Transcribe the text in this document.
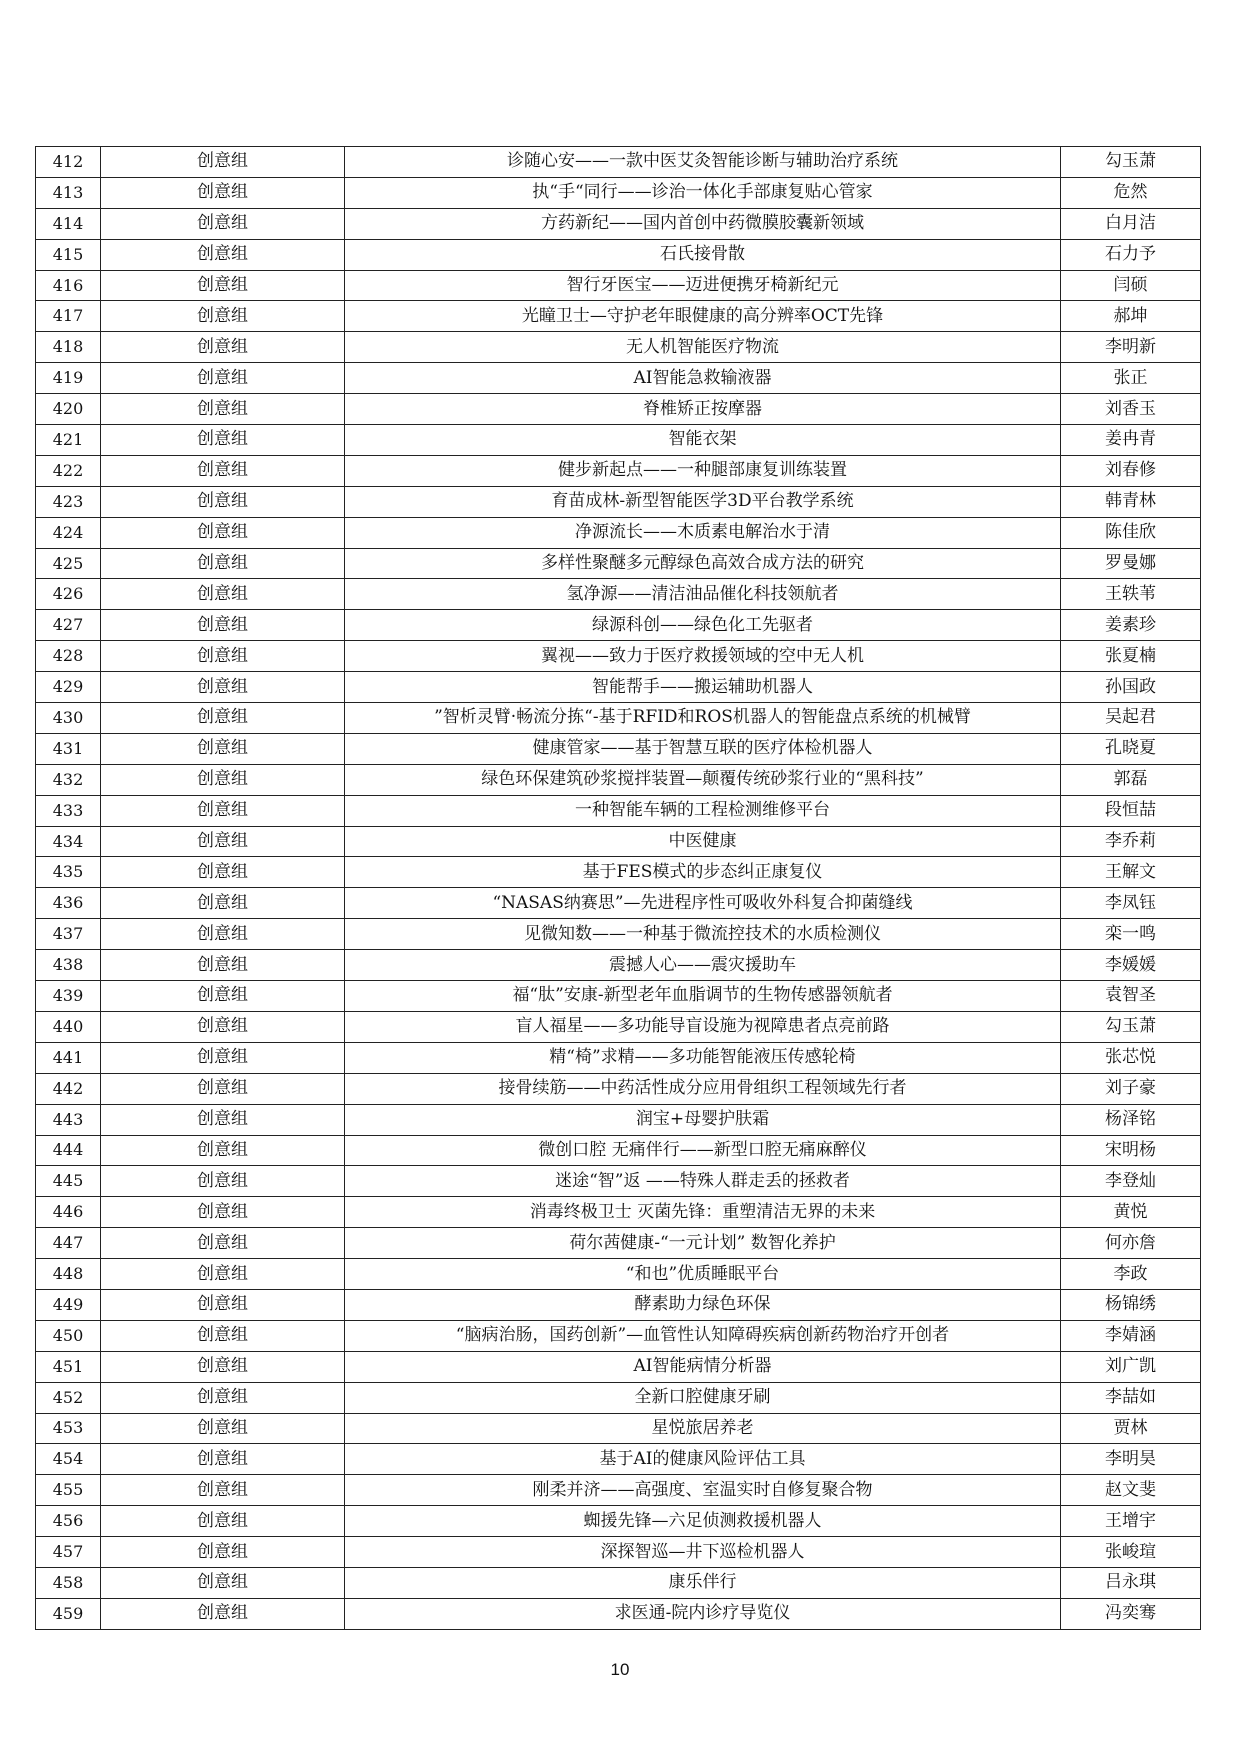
412	创意组	诊随心安——一款中医艾灸智能诊断与辅助治疗系统	勾玉萧
413	创意组	执“手“同行——诊治一体化手部康复贴心管家	危然
414	创意组	方药新纪——国内首创中药微膜胶囊新领域	白月洁
415	创意组	石氏接骨散	石力予
416	创意组	智行牙医宝——迈进便携牙椅新纪元	闫硕
417	创意组	光瞳卫士—守护老年眼健康的高分辨率OCT先锋	郝坤
418	创意组	无人机智能医疗物流	李明新
419	创意组	AI智能急救输液器	张正
420	创意组	脊椎矫正按摩器	刘香玉
421	创意组	智能衣架	姜冉青
422	创意组	健步新起点——一种腿部康复训练装置	刘春修
423	创意组	育苗成林-新型智能医学3D平台教学系统	韩青林
424	创意组	净源流长——木质素电解治水于清	陈佳欣
425	创意组	多样性聚醚多元醇绿色高效合成方法的研究	罗曼娜
426	创意组	氢净源——清洁油品催化科技领航者	王轶苇
427	创意组	绿源科创——绿色化工先驱者	姜素珍
428	创意组	翼视——致力于医疗救援领域的空中无人机	张夏楠
429	创意组	智能帮手——搬运辅助机器人	孙国政
430	创意组	”智析灵臂·畅流分拣“-基于RFID和ROS机器人的智能盘点系统的机械臂	吴起君
431	创意组	健康管家——基于智慧互联的医疗体检机器人	孔晓夏
432	创意组	绿色环保建筑砂浆搅拌装置—颠覆传统砂浆行业的“黑科技”	郭磊
433	创意组	一种智能车辆的工程检测维修平台	段恒喆
434	创意组	中医健康	李乔莉
435	创意组	基于FES模式的步态纠正康复仪	王解文
436	创意组	“NASAS纳赛思”—先进程序性可吸收外科复合抑菌缝线	李凤钰
437	创意组	见微知数——一种基于微流控技术的水质检测仪	栾一鸣
438	创意组	震撼人心——震灾援助车	李媛媛
439	创意组	福“肽”安康-新型老年血脂调节的生物传感器领航者	袁智圣
440	创意组	盲人福星——多功能导盲设施为视障患者点亮前路	勾玉萧
441	创意组	精“椅”求精——多功能智能液压传感轮椅	张芯悦
442	创意组	接骨续筋——中药活性成分应用骨组织工程领域先行者	刘子豪
443	创意组	润宝+母婴护肤霜	杨泽铭
444	创意组	微创口腔 无痛伴行——新型口腔无痛麻醉仪	宋明杨
445	创意组	迷途“智”返 ——特殊人群走丢的拯救者	李登灿
446	创意组	消毒终极卫士 灭菌先锋：重塑清洁无界的未来	黄悦
447	创意组	荷尔茜健康-“一元计划” 数智化养护	何亦詹
448	创意组	“和也”优质睡眠平台	李政
449	创意组	酵素助力绿色环保	杨锦绣
450	创意组	“脑病治肠，国药创新”—血管性认知障碍疾病创新药物治疗开创者	李婧涵
451	创意组	AI智能病情分析器	刘广凯
452	创意组	全新口腔健康牙刷	李喆如
453	创意组	星悦旅居养老	贾林
454	创意组	基于AI的健康风险评估工具	李明昊
455	创意组	刚柔并济——高强度、室温实时自修复聚合物	赵文斐
456	创意组	蜘援先锋—六足侦测救援机器人	王增宇
457	创意组	深探智巡—井下巡检机器人	张峻瑄
458	创意组	康乐伴行	吕永琪
459	创意组	求医通-院内诊疗导览仪	冯奕骞
10
